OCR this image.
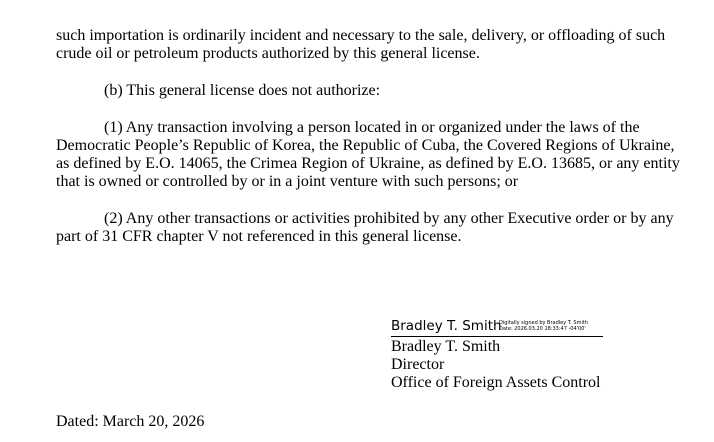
such importation is ordinarily incident and necessary to the sale, delivery, or offloading of such
crude oil or petroleum products authorized by this general license.

(b) This general license does not authorize:

(1) Any transaction involving a person located in or organized under the laws of the
Democratic People’s Republic of Korea, the Republic of Cuba, the Covered Regions of Ukraine,
as defined by E.O. 14065, the Crimea Region of Ukraine, as defined by E.O. 13685, or any entity
that is owned or controlled by or in a joint venture with such persons; or

(2) Any other transactions or activities prohibited by any other Executive order or by any
part of 31 CFR chapter V not referenced in this general license.

Bradley T. Smith
Digitally signed by Bradley T. Smith
Date: 2026.03.20 18:33:47 -04'00'

Bradley T. Smith
Director
Office of Foreign Assets Control

Dated: March 20, 2026
